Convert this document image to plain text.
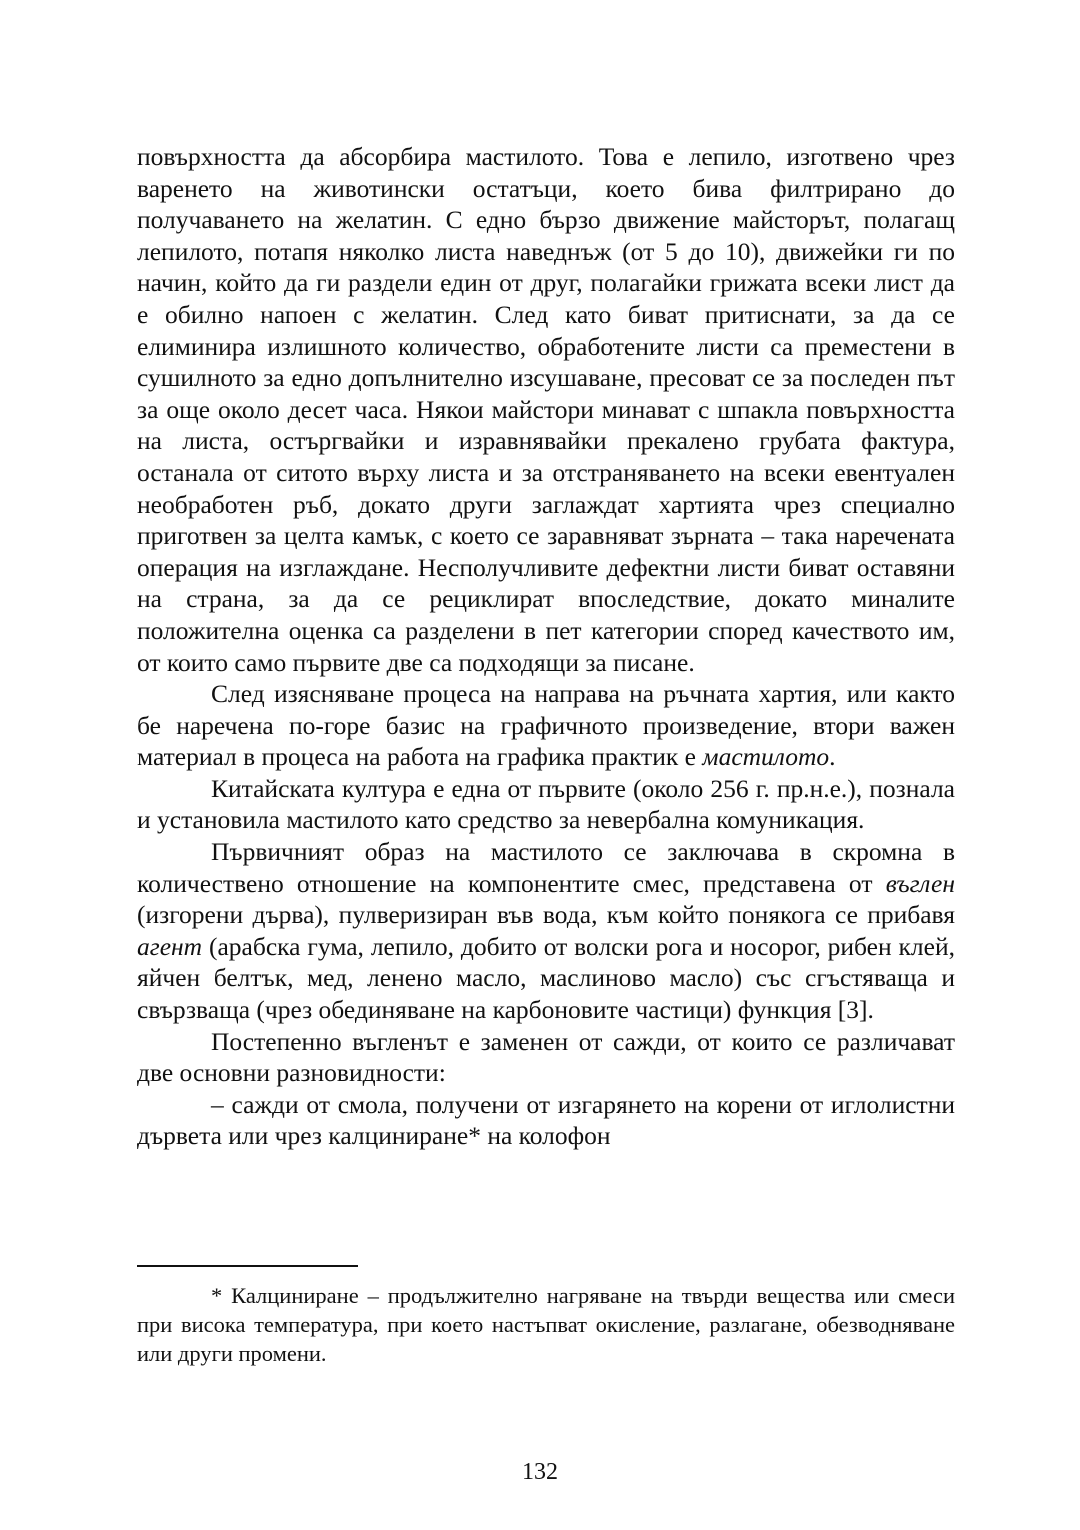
повърхността да абсорбира мастилото. Това е лепило, изготвено чрез варенето на животински остатъци, което бива филтрирано до получаването на желатин. С едно бързо движение майсторът, полагащ лепилото, потапя няколко листа наведнъж (от 5 до 10), движейки ги по начин, който да ги раздели един от друг, полагайки грижата всеки лист да е обилно напоен с желатин. След като биват притиснати, за да се елиминира излишното количество, обработените листи са преместени в сушилното за едно допълнително изсушаване, пресоват се за последен път за още около десет часа. Някои майстори минават с шпакла повърхността на листа, остъргвайки и изравнявайки прекалено грубата фактура, останала от ситото върху листа и за отстраняването на всеки евентуален необработен ръб, докато други заглаждат хартията чрез специално приготвен за целта камък, с което се заравняват зърната – така наречената операция на изглаждане. Несполучливите дефектни листи биват оставяни на страна, за да се рециклират впоследствие, докато миналите положителна оценка са разделени в пет категории според качеството им, от които само първите две са подходящи за писане.

След изясняване процеса на направа на ръчната хартия, или както бе наречена по-горе базис на графичното произведение, втори важен материал в процеса на работа на графика практик е мастилото.

Китайската култура е една от първите (около 256 г. пр.н.е.), познала и установила мастилото като средство за невербална комуникация.

Първичният образ на мастилото се заключава в скромна в количествено отношение на компонентите смес, представена от въглен (изгорени дърва), пулверизиран във вода, към който понякога се прибавя агент (арабска гума, лепило, добито от волски рога и носорог, рибен клей, яйчен белтък, мед, ленено масло, маслиново масло) със сгъстяваща и свързваща (чрез обединяване на карбоновите частици) функция [3].

Постепенно въгленът е заменен от сажди, от които се различават две основни разновидности:

– сажди от смола, получени от изгарянето на корени от иглолистни дървета или чрез калциниране* на колофон

* Калциниране – продължително нагряване на твърди вещества или смеси при висока температура, при което настъпват окисление, разлагане, обезводняване или други промени.

132
